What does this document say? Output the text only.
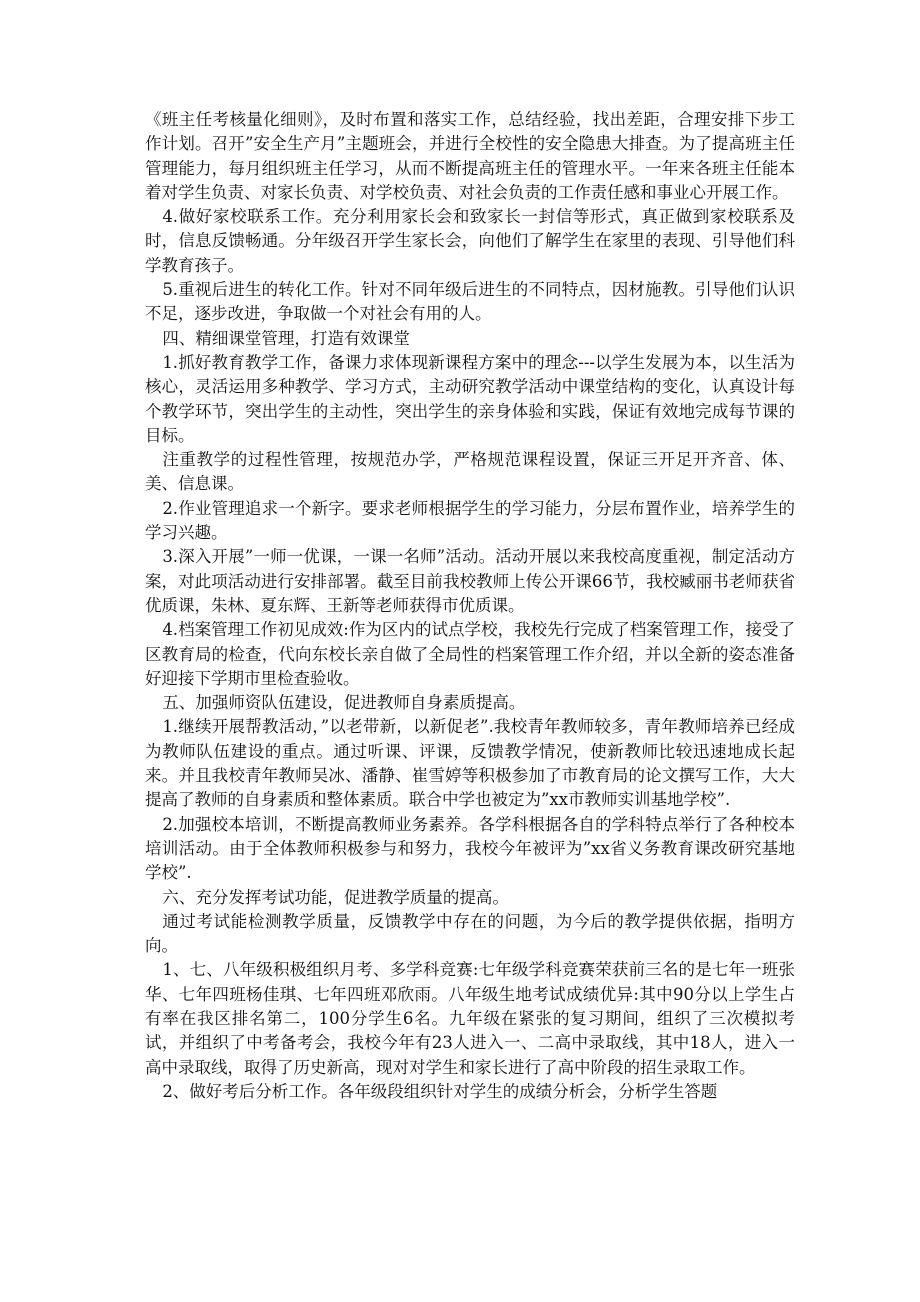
《班主任考核量化细则》，及时布置和落实工作，总结经验，找出差距，合理安排下步工作计划。召开”安全生产月”主题班会，并进行全校性的安全隐患大排查。为了提高班主任管理能力，每月组织班主任学习，从而不断提高班主任的管理水平。一年来各班主任能本着对学生负责、对家长负责、对学校负责、对社会负责的工作责任感和事业心开展工作。

4.做好家校联系工作。充分利用家长会和致家长一封信等形式，真正做到家校联系及时，信息反馈畅通。分年级召开学生家长会，向他们了解学生在家里的表现、引导他们科学教育孩子。

5.重视后进生的转化工作。针对不同年级后进生的不同特点，因材施教。引导他们认识不足，逐步改进，争取做一个对社会有用的人。

四、精细课堂管理，打造有效课堂

1.抓好教育教学工作，备课力求体现新课程方案中的理念---以学生发展为本，以生活为核心，灵活运用多种教学、学习方式，主动研究教学活动中课堂结构的变化，认真设计每个教学环节，突出学生的主动性，突出学生的亲身体验和实践，保证有效地完成每节课的目标。

注重教学的过程性管理，按规范办学，严格规范课程设置，保证三开足开齐音、体、美、信息课。

2.作业管理追求一个新字。要求老师根据学生的学习能力，分层布置作业，培养学生的学习兴趣。

3.深入开展”一师一优课，一课一名师”活动。活动开展以来我校高度重视，制定活动方案，对此项活动进行安排部署。截至目前我校教师上传公开课66节，我校臧丽书老师获省优质课，朱林、夏东辉、王新等老师获得市优质课。

4.档案管理工作初见成效:作为区内的试点学校，我校先行完成了档案管理工作，接受了区教育局的检查，代向东校长亲自做了全局性的档案管理工作介绍，并以全新的姿态准备好迎接下学期市里检查验收。

五、加强师资队伍建设，促进教师自身素质提高。

1.继续开展帮教活动，”以老带新，以新促老”.我校青年教师较多，青年教师培养已经成为教师队伍建设的重点。通过听课、评课，反馈教学情况，使新教师比较迅速地成长起来。并且我校青年教师吴冰、潘静、崔雪婷等积极参加了市教育局的论文撰写工作，大大提高了教师的自身素质和整体素质。联合中学也被定为”xx市教师实训基地学校”.

2.加强校本培训，不断提高教师业务素养。各学科根据各自的学科特点举行了各种校本培训活动。由于全体教师积极参与和努力，我校今年被评为”xx省义务教育课改研究基地学校”.

六、充分发挥考试功能，促进教学质量的提高。

通过考试能检测教学质量，反馈教学中存在的问题，为今后的教学提供依据，指明方向。

1、七、八年级积极组织月考、多学科竞赛:七年级学科竞赛荣获前三名的是七年一班张华、七年四班杨佳琪、七年四班邓欣雨。八年级生地考试成绩优异:其中90分以上学生占有率在我区排名第二，100分学生6名。九年级在紧张的复习期间，组织了三次模拟考试，并组织了中考备考会，我校今年有23人进入一、二高中录取线，其中18人，进入一高中录取线，取得了历史新高，现对对学生和家长进行了高中阶段的招生录取工作。

2、做好考后分析工作。各年级段组织针对学生的成绩分析会，分析学生答题
